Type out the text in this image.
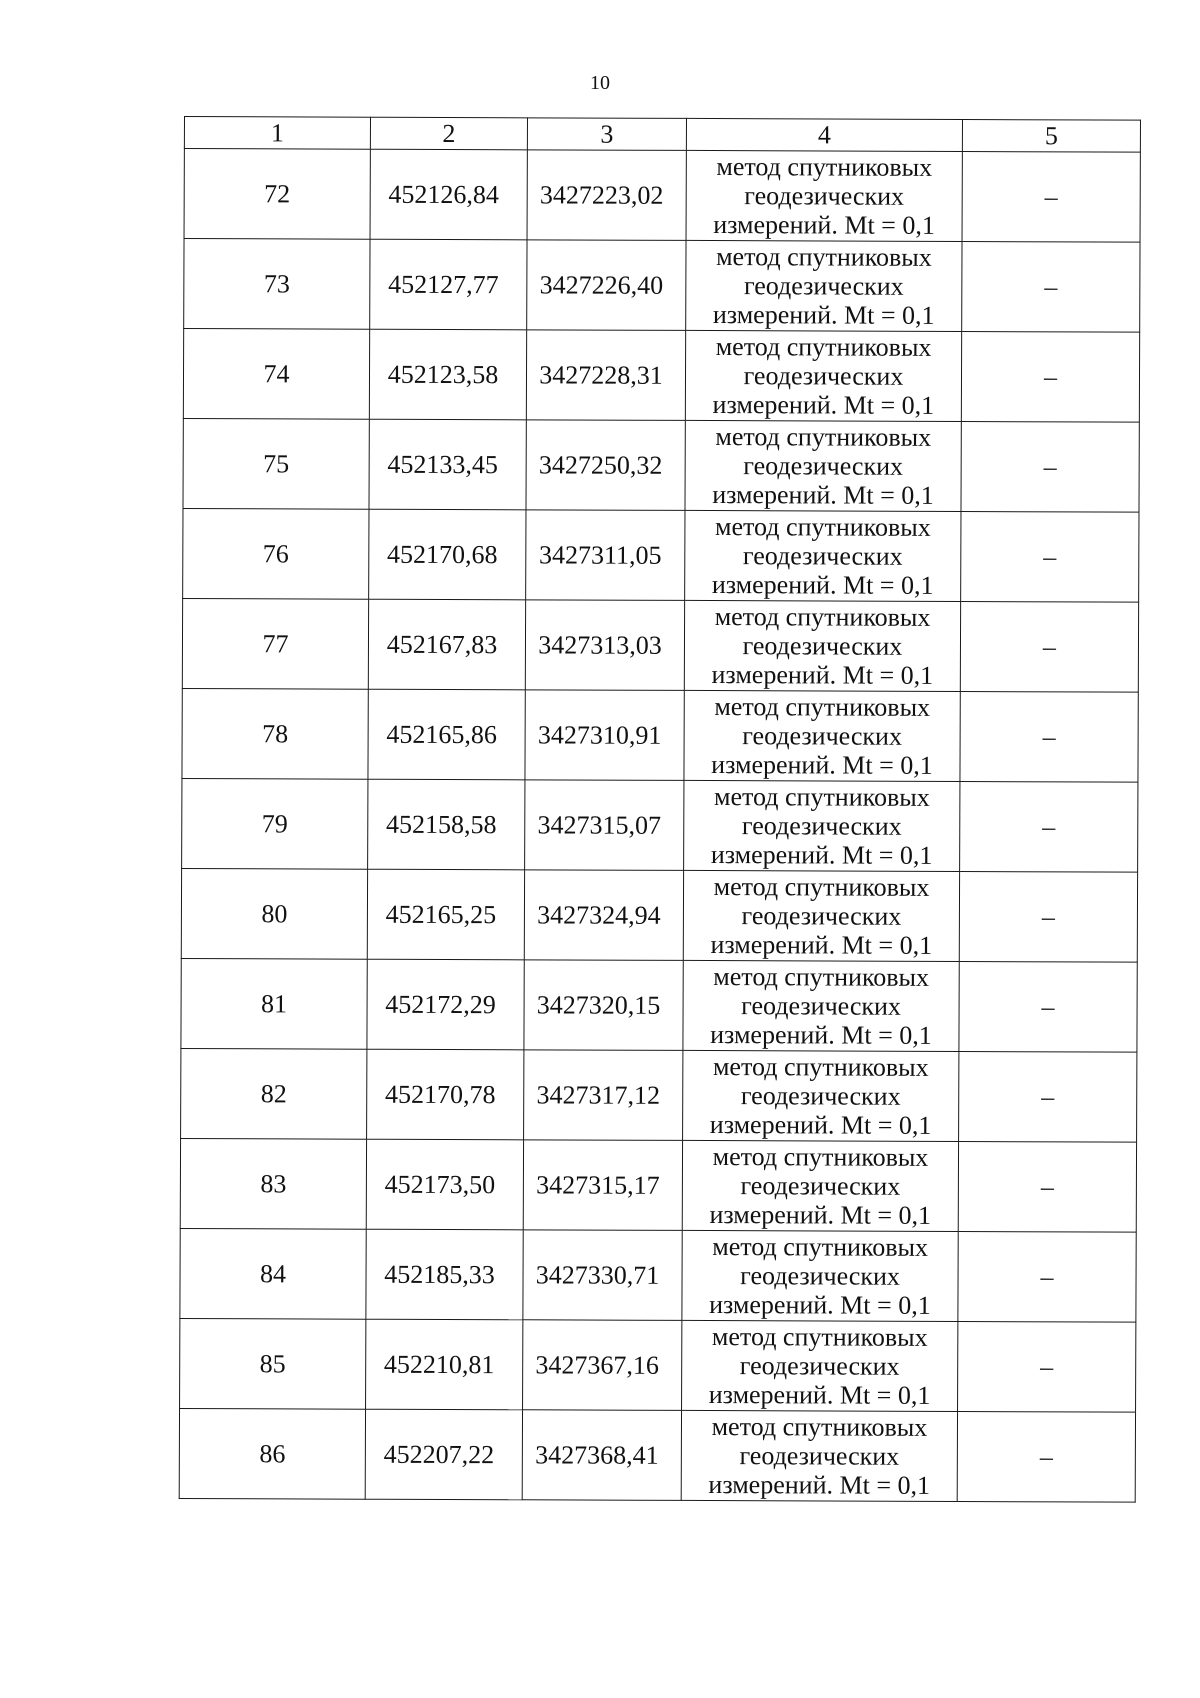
10
1	2	3	4	5
72	452126,84	3427223,02	метод спутниковых
геодезических
измерений. Mt = 0,1	–
73	452127,77	3427226,40	метод спутниковых
геодезических
измерений. Mt = 0,1	–
74	452123,58	3427228,31	метод спутниковых
геодезических
измерений. Mt = 0,1	–
75	452133,45	3427250,32	метод спутниковых
геодезических
измерений. Mt = 0,1	–
76	452170,68	3427311,05	метод спутниковых
геодезических
измерений. Mt = 0,1	–
77	452167,83	3427313,03	метод спутниковых
геодезических
измерений. Mt = 0,1	–
78	452165,86	3427310,91	метод спутниковых
геодезических
измерений. Mt = 0,1	–
79	452158,58	3427315,07	метод спутниковых
геодезических
измерений. Mt = 0,1	–
80	452165,25	3427324,94	метод спутниковых
геодезических
измерений. Mt = 0,1	–
81	452172,29	3427320,15	метод спутниковых
геодезических
измерений. Mt = 0,1	–
82	452170,78	3427317,12	метод спутниковых
геодезических
измерений. Mt = 0,1	–
83	452173,50	3427315,17	метод спутниковых
геодезических
измерений. Mt = 0,1	–
84	452185,33	3427330,71	метод спутниковых
геодезических
измерений. Mt = 0,1	–
85	452210,81	3427367,16	метод спутниковых
геодезических
измерений. Mt = 0,1	–
86	452207,22	3427368,41	метод спутниковых
геодезических
измерений. Mt = 0,1	–
